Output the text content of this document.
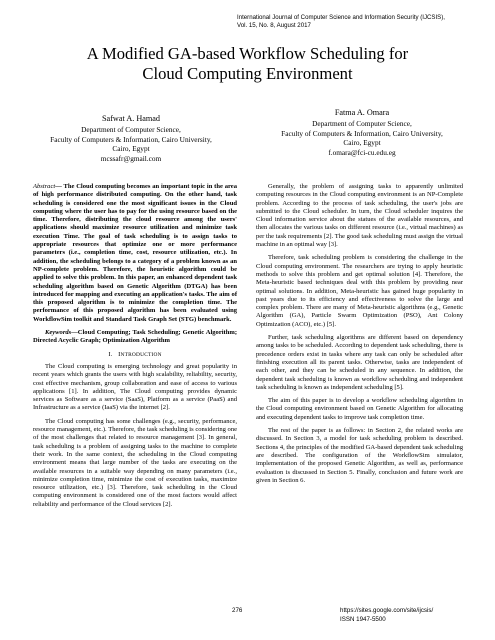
International Journal of Computer Science and Information Security (IJCSIS),
Vol. 15, No. 8, August 2017
A Modified GA-based Workflow Scheduling for
Cloud Computing Environment
Safwat A. Hamad
Department of Computer Science,
Faculty of Computers & Information, Cairo University,
Cairo, Egypt
mcssafr@gmail.com
Fatma A. Omara
Department of Computer Science,
Faculty of Computers & Information, Cairo University,
Cairo, Egypt
f.omara@fci-cu.edu.eg

Abstract— The Cloud computing becomes an important topic in the area of high performance distributed computing. On the other hand, task scheduling is considered one the most significant issues in the Cloud computing where the user has to pay for the using resource based on the time. Therefore, distributing the cloud resource among the users' applications should maximize resource utilization and minimize task execution Time. The goal of task scheduling is to assign tasks to appropriate resources that optimize one or more performance parameters (i.e., completion time, cost, resource utilization, etc.). In addition, the scheduling belongs to a category of a problem known as an NP-complete problem. Therefore, the heuristic algorithm could be applied to solve this problem. In this paper, an enhanced dependent task scheduling algorithm based on Genetic Algorithm (DTGA) has been introduced for mapping and executing an application's tasks. The aim of this proposed algorithm is to minimize the completion time. The performance of this proposed algorithm has been evaluated using WorkflowSim toolkit and Standard Task Graph Set (STG) benchmark.

Keywords—Cloud Computing; Task Scheduling; Genetic Algorithm; Directed Acyclic Graph; Optimization Algorithm

I. INTRODUCTION

The Cloud computing is emerging technology and great popularity in recent years which grants the users with high scalability, reliability, security, cost effective mechanism, group collaboration and ease of access to various applications [1]. In addition, The Cloud computing provides dynamic services as Software as a service (SaaS), Platform as a service (PaaS) and Infrastructure as a service (IaaS) via the internet [2].

The Cloud computing has some challenges (e.g., security, performance, resource management, etc.). Therefore, the task scheduling is considering one of the most challenges that related to resource management [3]. In general, task scheduling is a problem of assigning tasks to the machine to complete their work. In the same context, the scheduling in the Cloud computing environment means that large number of the tasks are executing on the available resources in a suitable way depending on many parameters (i.e., minimize completion time, minimize the cost of execution tasks, maximize resource utilization, etc.) [3]. Therefore, task scheduling in the Cloud computing environment is considered one of the most factors would affect reliability and performance of the Cloud services [2].

Generally, the problem of assigning tasks to apparently unlimited computing resources in the Cloud computing environment is an NP-Complete problem. According to the process of task scheduling, the user's jobs are submitted to the Cloud scheduler. In turn, the Cloud scheduler inquires the Cloud information service about the statues of the available resources, and then allocates the various tasks on different resource (i.e., virtual machines) as per the task requirements [2]. The good task scheduling must assign the virtual machine in an optimal way [3].

Therefore, task scheduling problem is considering the challenge in the Cloud computing environment. The researchers are trying to apply heuristic methods to solve this problem and get optimal solution [4]. Therefore, the Meta-heuristic based techniques deal with this problem by providing near optimal solutions. In addition, Meta-heuristic has gained huge popularity in past years due to its efficiency and effectiveness to solve the large and complex problem. There are many of Meta-heuristic algorithms (e.g., Genetic Algorithm (GA), Particle Swarm Optimization (PSO), Ant Colony Optimization (ACO), etc.) [5].

Further, task scheduling algorithms are different based on dependency among tasks to be scheduled. According to dependent task scheduling, there is precedence orders exist in tasks where any task can only be scheduled after finishing execution all its parent tasks. Otherwise, tasks are independent of each other, and they can be scheduled in any sequence. In addition, the dependent task scheduling is known as workflow scheduling and independent task scheduling is known as independent scheduling [5].

The aim of this paper is to develop a workflow scheduling algorithm in the Cloud computing environment based on Genetic Algorithm for allocating and executing dependent tasks to improve task completion time.

The rest of the paper is as follows: in Section 2, the related works are discussed. In Section 3, a model for task scheduling problem is described. Sections 4, the principles of the modified GA-based dependent task scheduling are described. The configuration of the WorkflowSim simulator, implementation of the proposed Genetic Algorithm, as well as, performance evaluation is discussed in Section 5. Finally, conclusion and future work are given in Section 6.

276	https://sites.google.com/site/ijcsis/
ISSN 1947-5500
